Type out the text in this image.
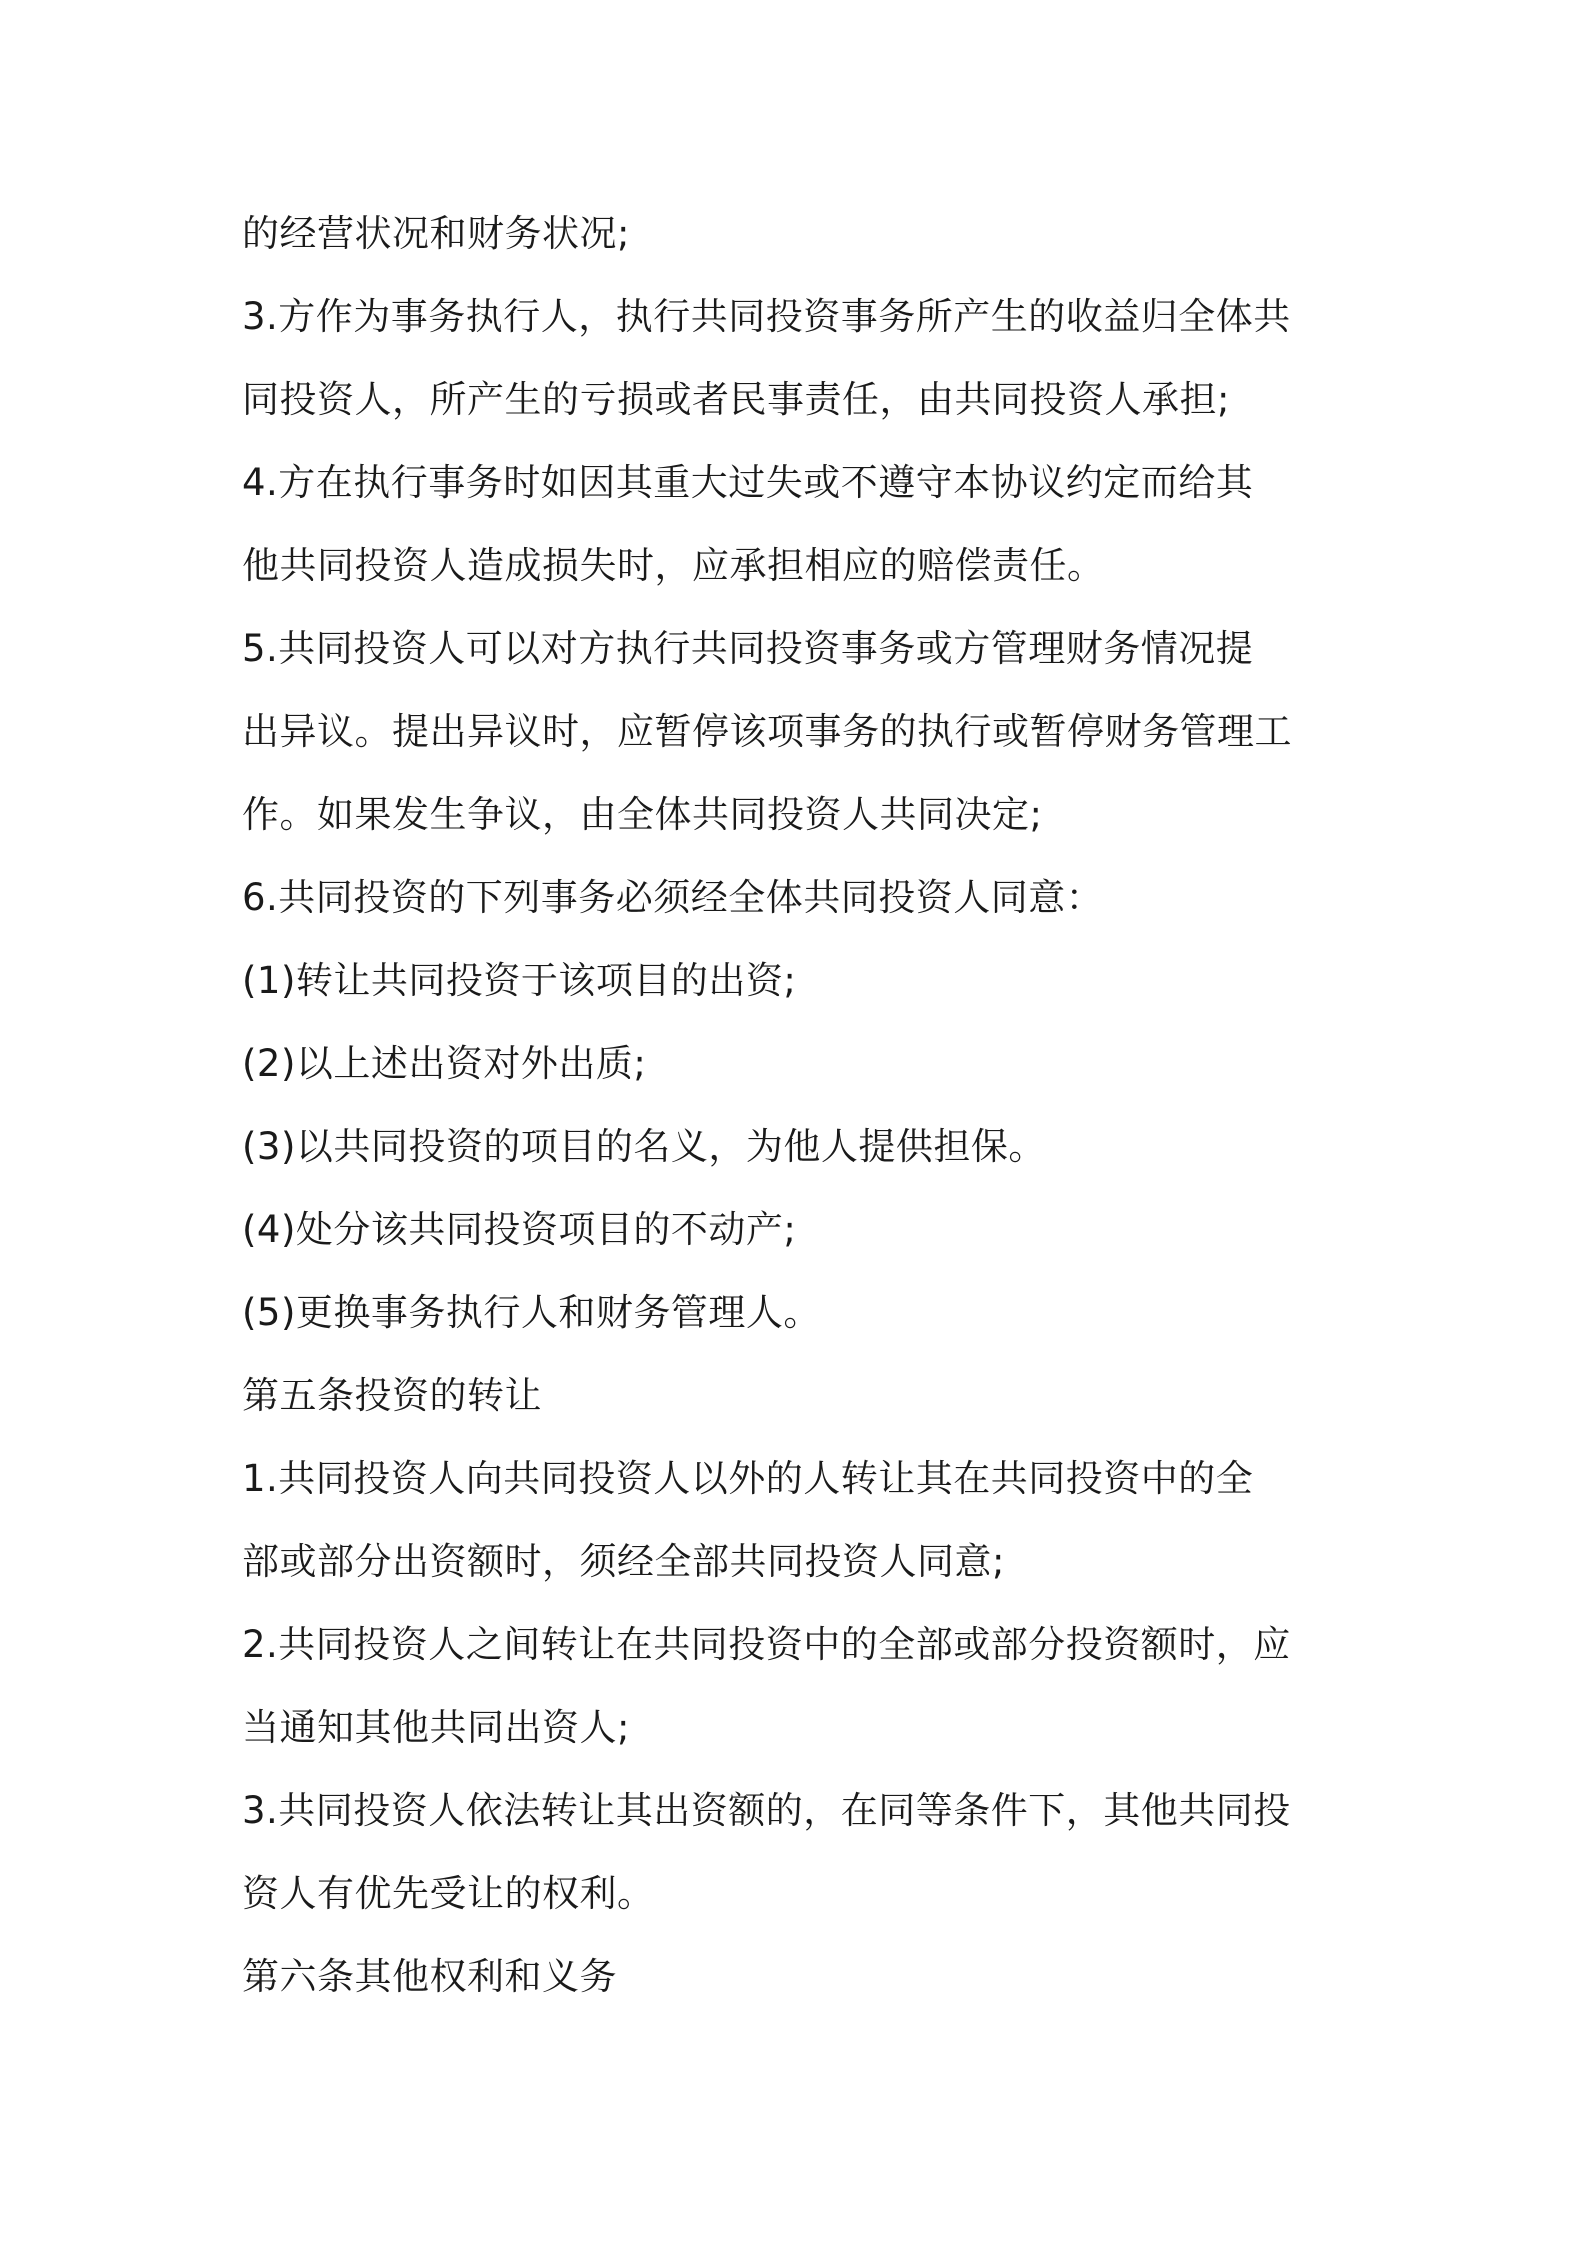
的经营状况和财务状况;
3.方作为事务执行人，执行共同投资事务所产生的收益归全体共
同投资人，所产生的亏损或者民事责任，由共同投资人承担;
4.方在执行事务时如因其重大过失或不遵守本协议约定而给其
他共同投资人造成损失时，应承担相应的赔偿责任。
5.共同投资人可以对方执行共同投资事务或方管理财务情况提
出异议。提出异议时，应暂停该项事务的执行或暂停财务管理工
作。如果发生争议，由全体共同投资人共同决定;
6.共同投资的下列事务必须经全体共同投资人同意：
(1)转让共同投资于该项目的出资;
(2)以上述出资对外出质;
(3)以共同投资的项目的名义，为他人提供担保。
(4)处分该共同投资项目的不动产;
(5)更换事务执行人和财务管理人。
第五条投资的转让
1.共同投资人向共同投资人以外的人转让其在共同投资中的全
部或部分出资额时，须经全部共同投资人同意;
2.共同投资人之间转让在共同投资中的全部或部分投资额时，应
当通知其他共同出资人;
3.共同投资人依法转让其出资额的，在同等条件下，其他共同投
资人有优先受让的权利。
第六条其他权利和义务
